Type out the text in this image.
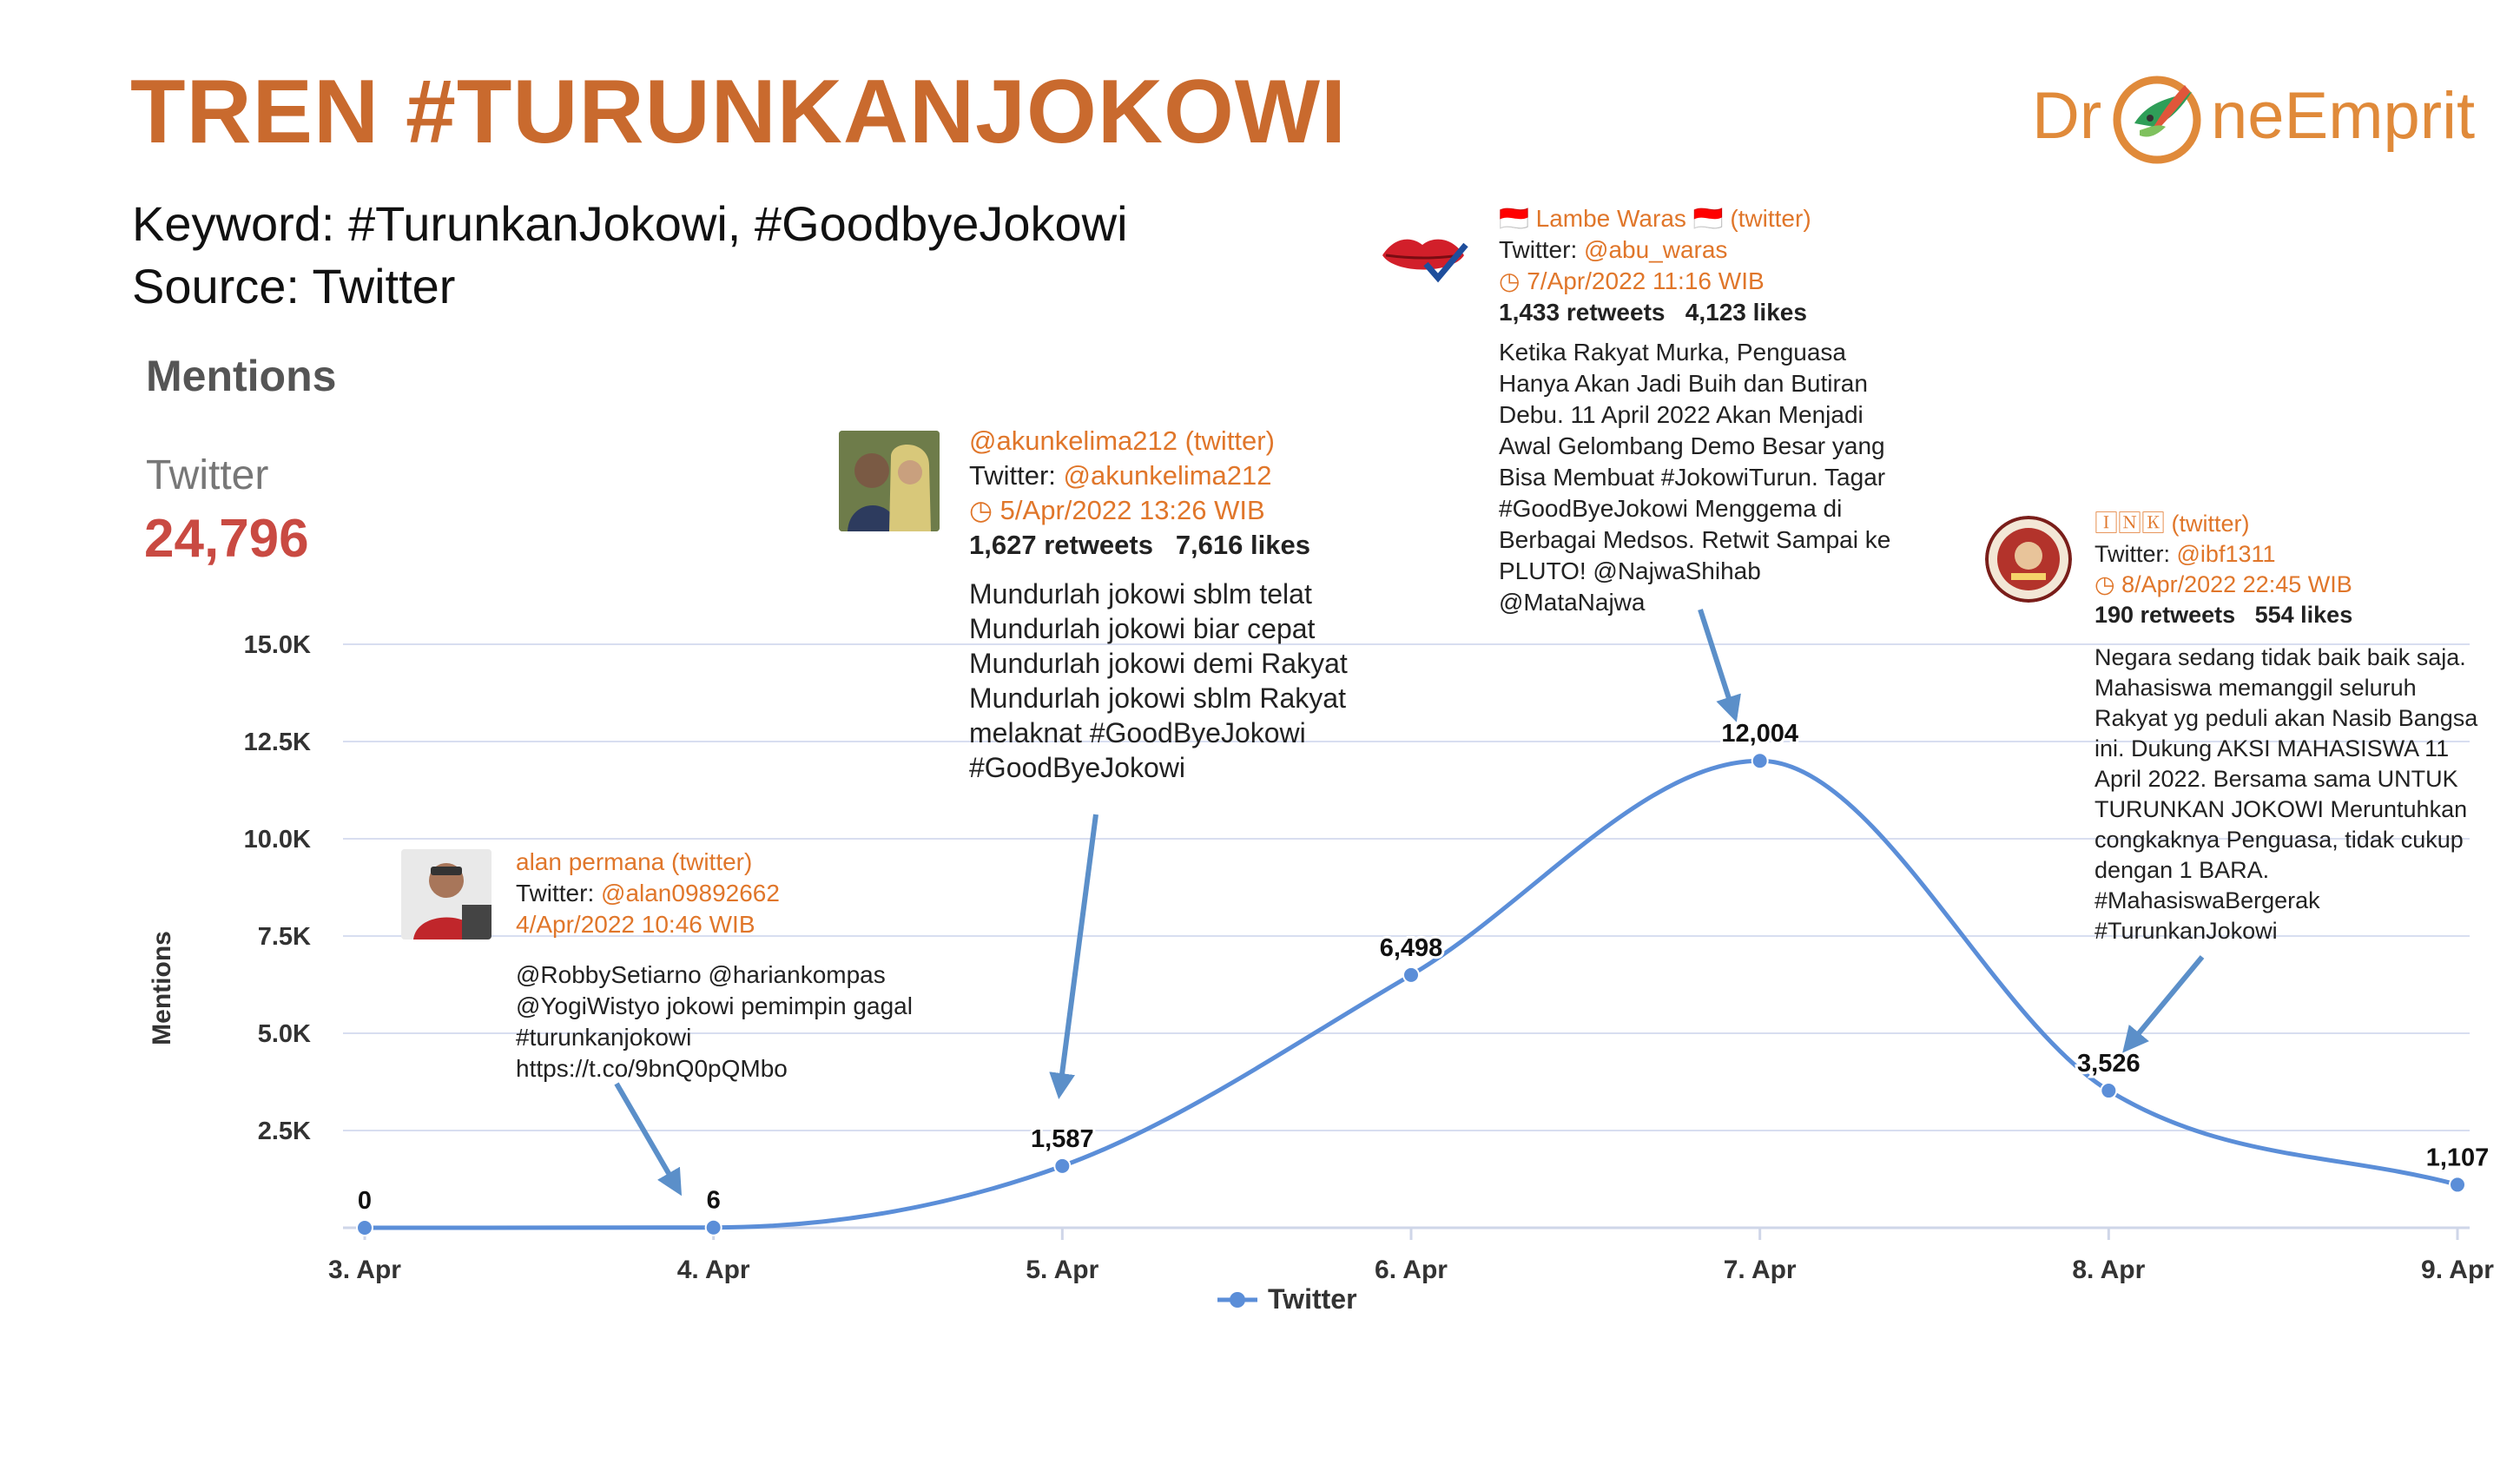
TREN #TURUNKANJOKOWI
Keyword: #TurunkanJokowi, #GoodbyeJokowi
Source: Twitter
Dr neEmprit
Mentions
Twitter
24,796
2.5K
5.0K
7.5K
10.0K
12.5K
15.0K
3. Apr	4. Apr	5. Apr	6. Apr	7. Apr	8. Apr	9. Apr
Mentions
0	6
1,587
6,498
12,004
3,526
1,107
alan permana (twitter)
Twitter: @alan09892662
4/Apr/2022 10:46 WIB
@RobbySetiarno @hariankompas
@YogiWistyo jokowi pemimpin gagal
#turunkanjokowi
https://t.co/9bnQ0pQMbo
@akunkelima212 (twitter)
Twitter: @akunkelima212
◷ 5/Apr/2022 13:26 WIB
1,627 retweets   7,616 likes
Mundurlah jokowi sblm telat
Mundurlah jokowi biar cepat
Mundurlah jokowi demi Rakyat
Mundurlah jokowi sblm Rakyat
melaknat #GoodByeJokowi
#GoodByeJokowi
🇮🇩 Lambe Waras 🇮🇩 (twitter)
Twitter: @abu_waras
◷ 7/Apr/2022 11:16 WIB
1,433 retweets   4,123 likes
Ketika Rakyat Murka, Penguasa
Hanya Akan Jadi Buih dan Butiran
Debu. 11 April 2022 Akan Menjadi
Awal Gelombang Demo Besar yang
Bisa Membuat #JokowiTurun. Tagar
#GoodByeJokowi Menggema di
Berbagai Medsos. Retwit Sampai ke
PLUTO! @NajwaShihab
@MataNajwa
🄸🄽🄺 (twitter)
Twitter: @ibf1311
◷ 8/Apr/2022 22:45 WIB
190 retweets   554 likes
Negara sedang tidak baik baik saja.
Mahasiswa memanggil seluruh
Rakyat yg peduli akan Nasib Bangsa
ini. Dukung AKSI MAHASISWA 11
April 2022. Bersama sama UNTUK
TURUNKAN JOKOWI Meruntuhkan
congkaknya Penguasa, tidak cukup
dengan 1 BARA.
#MahasiswaBergerak
#TurunkanJokowi
Twitter
